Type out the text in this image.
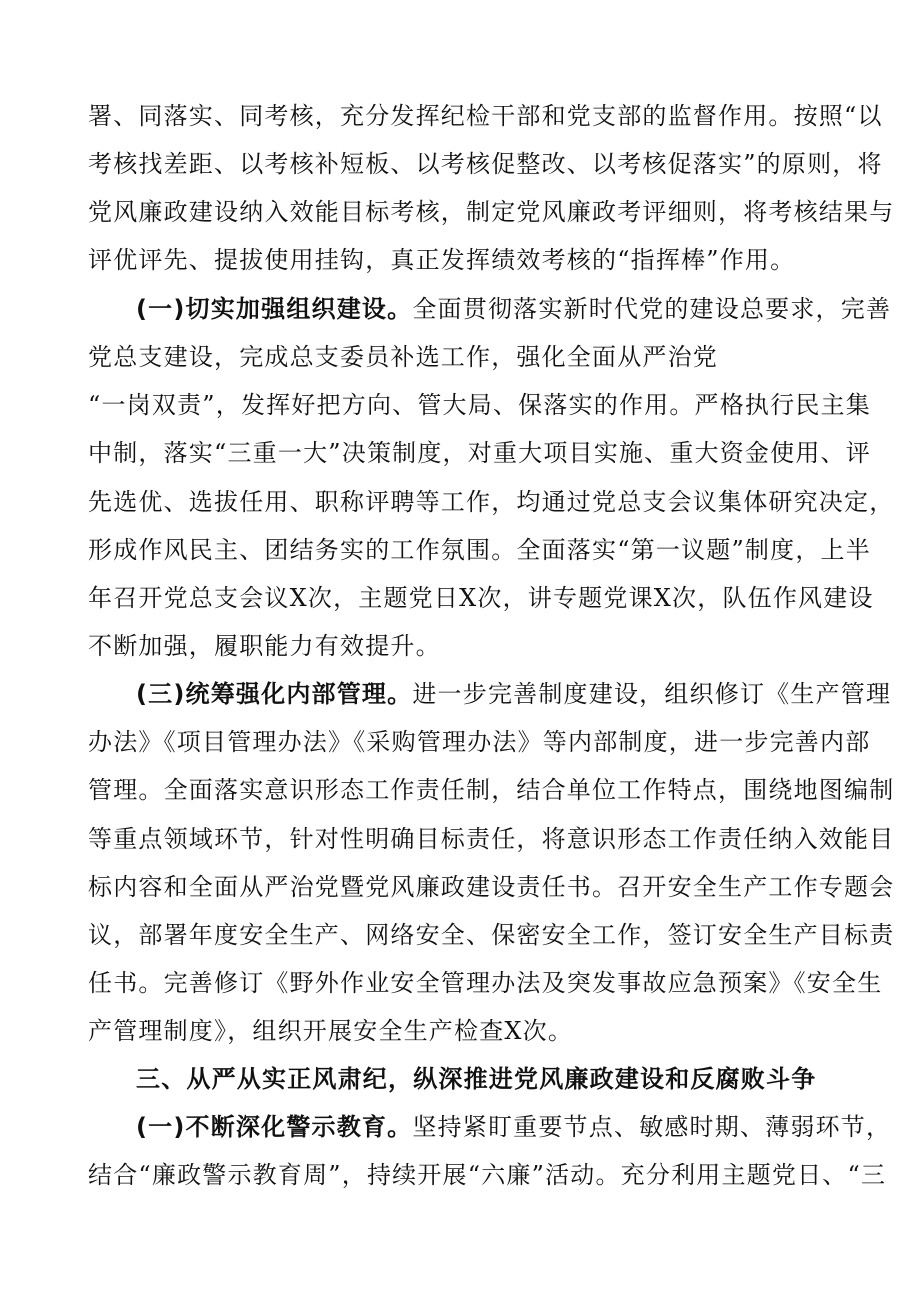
署、同落实、同考核，充分发挥纪检干部和党支部的监督作用。按照“以
考核找差距、以考核补短板、以考核促整改、以考核促落实”的原则，将
党风廉政建设纳入效能目标考核，制定党风廉政考评细则，将考核结果与
评优评先、提拔使用挂钩，真正发挥绩效考核的“指挥棒”作用。
(一)切实加强组织建设。全面贯彻落实新时代党的建设总要求，完善
党总支建设，完成总支委员补选工作，强化全面从严治党
“一岗双责”，发挥好把方向、管大局、保落实的作用。严格执行民主集
中制，落实“三重一大”决策制度，对重大项目实施、重大资金使用、评
先选优、选拔任用、职称评聘等工作，均通过党总支会议集体研究决定，
形成作风民主、团结务实的工作氛围。全面落实“第一议题”制度，上半
年召开党总支会议X次，主题党日X次，讲专题党课X次，队伍作风建设
不断加强，履职能力有效提升。
(三)统筹强化内部管理。进一步完善制度建设，组织修订《生产管理
办法》《项目管理办法》《采购管理办法》等内部制度，进一步完善内部
管理。全面落实意识形态工作责任制，结合单位工作特点，围绕地图编制
等重点领域环节，针对性明确目标责任，将意识形态工作责任纳入效能目
标内容和全面从严治党暨党风廉政建设责任书。召开安全生产工作专题会
议，部署年度安全生产、网络安全、保密安全工作，签订安全生产目标责
任书。完善修订《野外作业安全管理办法及突发事故应急预案》《安全生
产管理制度》，组织开展安全生产检查X次。
三、从严从实正风肃纪，纵深推进党风廉政建设和反腐败斗争
(一)不断深化警示教育。坚持紧盯重要节点、敏感时期、薄弱环节，
结合“廉政警示教育周”，持续开展“六廉”活动。充分利用主题党日、“三
